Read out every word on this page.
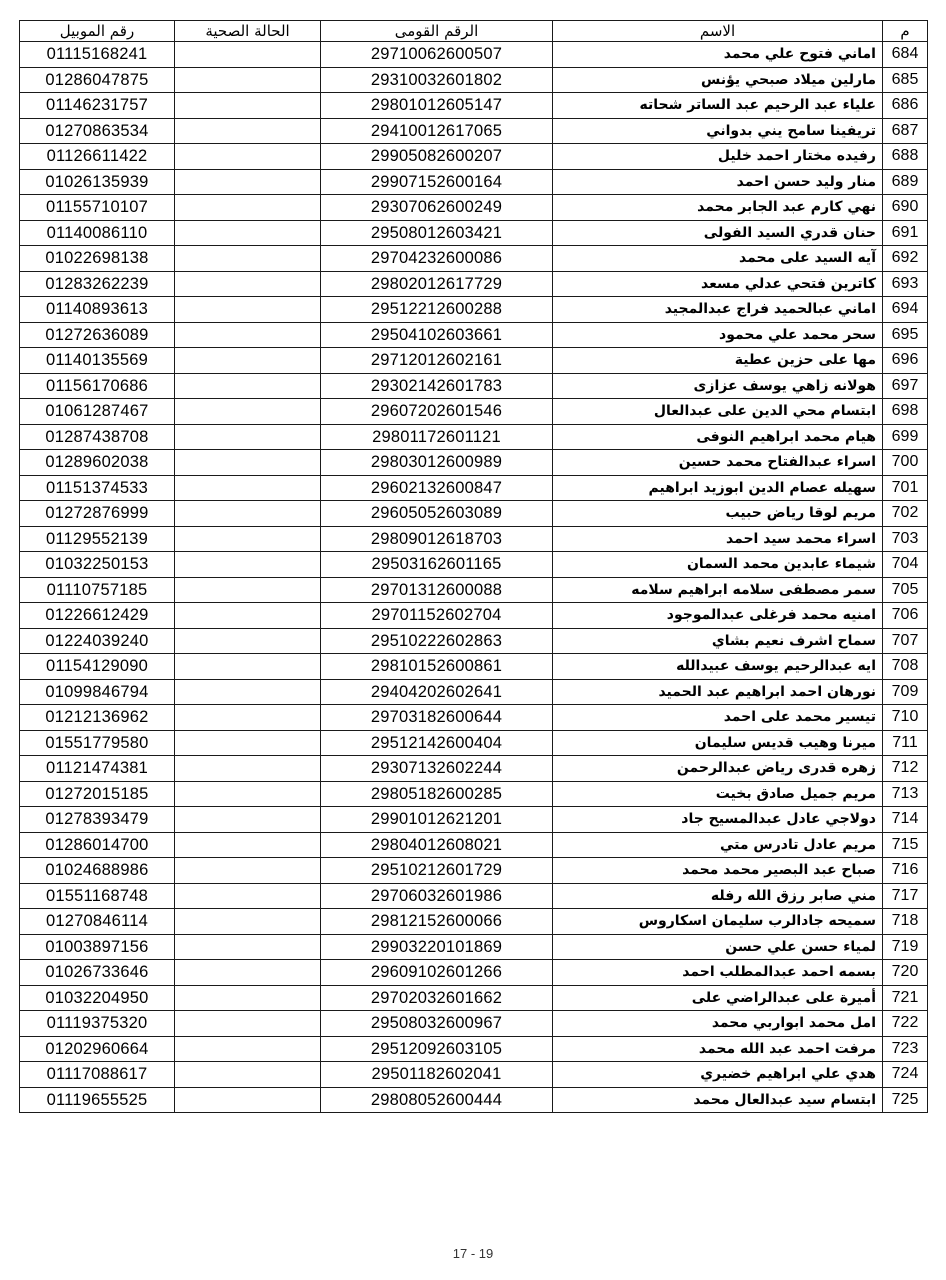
م	الاسم	الرقم القومى	الحالة الصحية	رقم الموبيل
684	اماني فتوح علي محمد	29710062600507		01115168241
685	مارلين ميلاد صبحي يؤنس	29310032601802		01286047875
686	علياء عبد الرحيم عبد الساتر شحاته	29801012605147		01146231757
687	تريفينا سامح يني بدواني	29410012617065		01270863534
688	رفيده مختار احمد خليل	29905082600207		01126611422
689	منار وليد حسن احمد	29907152600164		01026135939
690	نهي كارم عبد الجابر محمد	29307062600249		01155710107
691	حنان قدري السيد الفولى	29508012603421		01140086110
692	آيه السيد على محمد	29704232600086		01022698138
693	كاترين فتحي عدلي مسعد	29802012617729		01283262239
694	اماني عبالحميد فراج عبدالمجيد	29512212600288		01140893613
695	سحر محمد علي محمود	29504102603661		01272636089
696	مها على حزين عطية	29712012602161		01140135569
697	هولانه زاهي يوسف عزازى	29302142601783		01156170686
698	ابتسام محي الدين على عبدالعال	29607202601546		01061287467
699	هيام محمد ابراهيم النوفى	29801172601121		01287438708
700	اسراء عبدالفتاح محمد حسين	29803012600989		01289602038
701	سهيله عصام الدين ابوزيد ابراهيم	29602132600847		01151374533
702	مريم لوقا رياض حبيب	29605052603089		01272876999
703	اسراء محمد سيد احمد	29809012618703		01129552139
704	شيماء عابدين محمد السمان	29503162601165		01032250153
705	سمر مصطفى سلامه ابراهيم سلامه	29701312600088		01110757185
706	امنيه محمد فرغلى عبدالموجود	29701152602704		01226612429
707	سماح اشرف نعيم بشاي	29510222602863		01224039240
708	ايه عبدالرحيم يوسف عبيدالله	29810152600861		01154129090
709	نورهان احمد ابراهيم عبد الحميد	29404202602641		01099846794
710	تيسير محمد على احمد	29703182600644		01212136962
711	ميرنا وهيب قديس سليمان	29512142600404		01551779580
712	زهره قدرى رياض عبدالرحمن	29307132602244		01121474381
713	مريم جميل صادق بخيت	29805182600285		01272015185
714	دولاجي عادل عبدالمسيح جاد	29901012621201		01278393479
715	مريم عادل تادرس متي	29804012608021		01286014700
716	صباح عبد البصير محمد محمد	29510212601729		01024688986
717	مني صابر رزق الله رفله	29706032601986		01551168748
718	سميحه جادالرب سليمان اسكاروس	29812152600066		01270846114
719	لمياء حسن علي حسن	29903220101869		01003897156
720	بسمه احمد عبدالمطلب احمد	29609102601266		01026733646
721	أميرة على عبدالراضي على	29702032601662		01032204950
722	امل محمد ابواربي محمد	29508032600967		01119375320
723	مرفت احمد عبد الله محمد	29512092603105		01202960664
724	هدي علي ابراهيم خضيري	29501182602041		01117088617
725	ابتسام سيد عبدالعال محمد	29808052600444		01119655525
17 - 19
